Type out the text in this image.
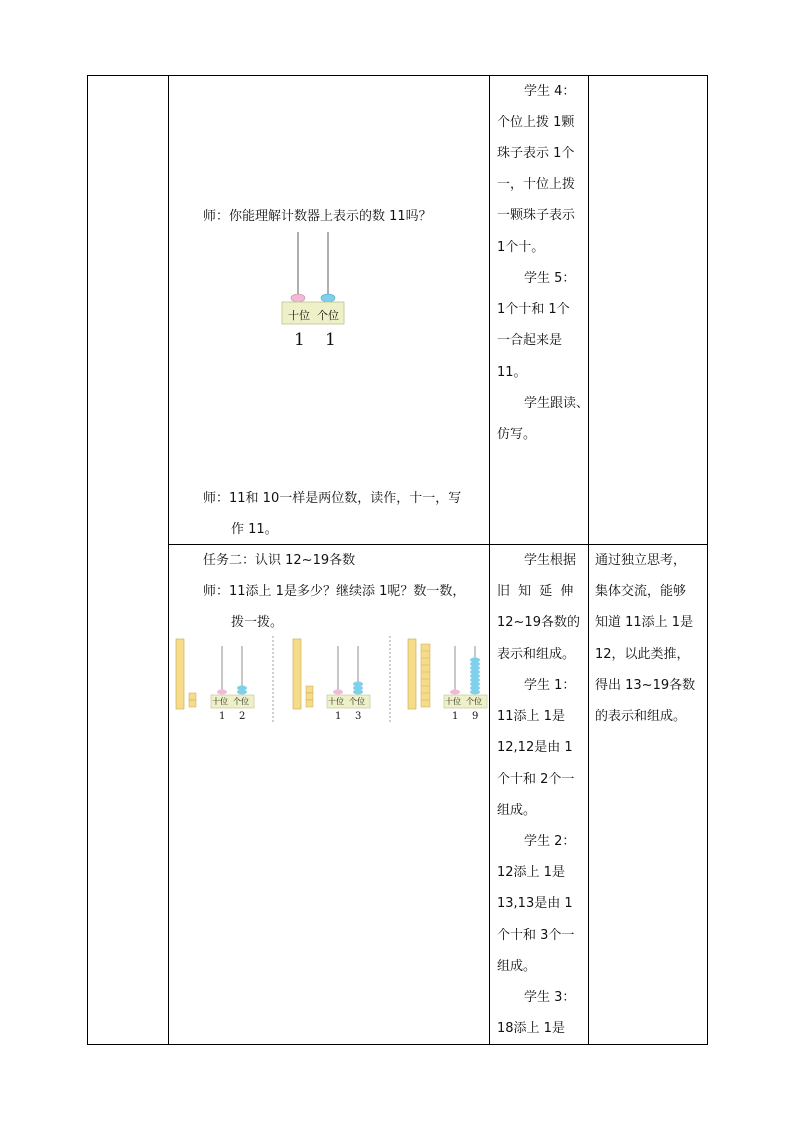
师：你能理解计数器上表示的数 11吗？
十位 个位
1 1
师：11和 10一样是两位数，读作，十一，写
作 11。
学生 4：
个位上拨 1颗
珠子表示 1个
一，十位上拨
一颗珠子表示
1个十。
学生 5：
1个十和 1个
一合起来是
11。
学生跟读、
仿写。
任务二：认识 12~19各数
师：11添上 1是多少？继续添 1呢？数一数，
拨一拨。
十位 个位
1 2
十位 个位
1 3
十位 个位
1 9
学生根据
旧 知 延 伸
12~19各数的
表示和组成。
学生 1：
11添上 1是
12,12是由 1
个十和 2个一
组成。
学生 2：
12添上 1是
13,13是由 1
个十和 3个一
组成。
学生 3：
18添上 1是
通过独立思考，
集体交流，能够
知道 11添上 1是
12，以此类推，
得出 13~19各数
的表示和组成。
